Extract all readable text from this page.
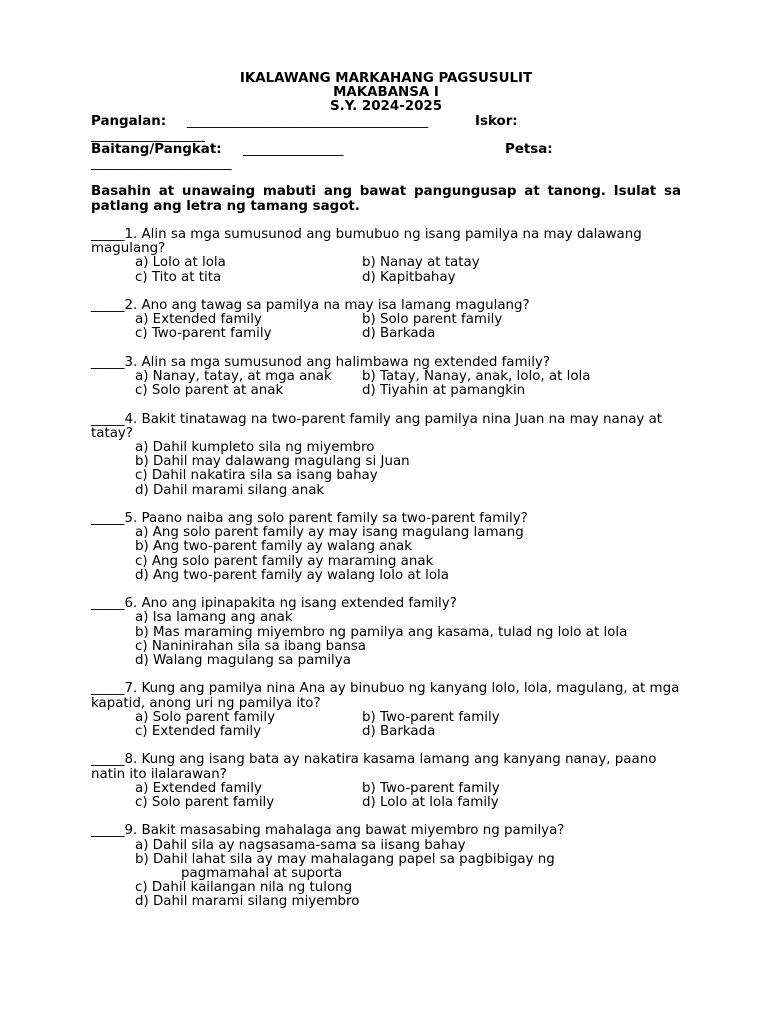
IKALAWANG MARKAHANG PAGSUSULIT
MAKABANSA I
S.Y. 2024-2025
Pangalan: ____________________________________	Iskor:
_________________
Baitang/Pangkat: _______________	Petsa:
_____________________
Basahin at unawaing mabuti ang bawat pangungusap at tanong. Isulat sa patlang ang letra ng tamang sagot.
_____1. Alin sa mga sumusunod ang bumubuo ng isang pamilya na may dalawang magulang?
a) Lolo at lola	b) Nanay at tatay
c) Tito at tita	d) Kapitbahay
_____2. Ano ang tawag sa pamilya na may isa lamang magulang?
a) Extended family	b) Solo parent family
c) Two-parent family	d) Barkada
_____3. Alin sa mga sumusunod ang halimbawa ng extended family?
a) Nanay, tatay, at mga anak	b) Tatay, Nanay, anak, lolo, at lola
c) Solo parent at anak	d) Tiyahin at pamangkin
_____4. Bakit tinatawag na two-parent family ang pamilya nina Juan na may nanay at tatay?
a) Dahil kumpleto sila ng miyembro
b) Dahil may dalawang magulang si Juan
c) Dahil nakatira sila sa isang bahay
d) Dahil marami silang anak
_____5. Paano naiba ang solo parent family sa two-parent family?
a) Ang solo parent family ay may isang magulang lamang
b) Ang two-parent family ay walang anak
c) Ang solo parent family ay maraming anak
d) Ang two-parent family ay walang lolo at lola
_____6. Ano ang ipinapakita ng isang extended family?
a) Isa lamang ang anak
b) Mas maraming miyembro ng pamilya ang kasama, tulad ng lolo at lola
c) Naninirahan sila sa ibang bansa
d) Walang magulang sa pamilya
_____7. Kung ang pamilya nina Ana ay binubuo ng kanyang lolo, lola, magulang, at mga kapatid, anong uri ng pamilya ito?
a) Solo parent family	b) Two-parent family
c) Extended family	d) Barkada
_____8. Kung ang isang bata ay nakatira kasama lamang ang kanyang nanay, paano natin ito ilalarawan?
a) Extended family	b) Two-parent family
c) Solo parent family	d) Lolo at lola family
_____9. Bakit masasabing mahalaga ang bawat miyembro ng pamilya?
a) Dahil sila ay nagsasama-sama sa iisang bahay
b) Dahil lahat sila ay may mahalagang papel sa pagbibigay ng
pagmamahal at suporta
c) Dahil kailangan nila ng tulong
d) Dahil marami silang miyembro
